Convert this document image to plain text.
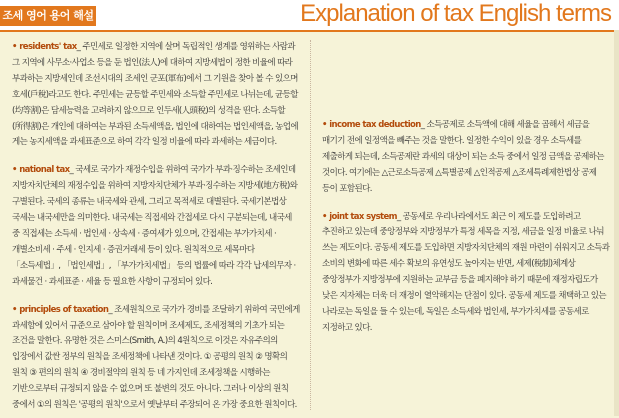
조세 영어 용어 해설	Explanation of tax English terms

• residents' tax_ 주민세로 일정한 지역에 살며 독립적인 생계를 영위하는 사람과 그 지역에 사무소·사업소 등을 둔 법인(法人)에 대하여 지방세법이 정한 비율에 따라 부과하는 지방세인데 조선시대의 조세인 군포(軍布)에서 그 기원을 찾아 볼 수 있으며 호세(戶稅)라고도 한다. 주민세는 균등할 주민세와 소득할 주민세로 나뉘는데, 균등할(均等割)은 담세능력을 고려하지 않으므로 인두세(人頭稅)의 성격을 띤다. 소득할(所得割)은 개인에 대하여는 부과된 소득세액을, 법인에 대하여는 법인세액을, 농업에 게는 농지세액을 과세표준으로 하여 각각 일정 비율에 따라 과세하는 세금이다.

• national tax_ 국세로 국가가 재정수입을 위하여 국가가 부과·징수하는 조세인데 지방자치단체의 재정수입을 위하여 지방자치단체가 부과·징수하는 지방세(地方稅)와 구별된다. 국세의 종류는 내국세와 관세, 그리고 목적세로 대별된다. 국세기본법상 국세는 내국세만을 의미한다. 내국세는 직접세와 간접세로 다시 구분되는데, 내국세 중 직접세는 소득세 · 법인세 · 상속세 · 증여세가 있으며, 간접세는 부가가치세 · 개별소비세 · 주세 · 인지세 · 증권거래세 등이 있다. 원칙적으로 세목마다 「소득세법」, 「법인세법」, 「부가가치세법」 등의 법률에 따라 각각 납세의무자 · 과세물건 · 과세표준 · 세율 등 필요한 사항이 규정되어 있다.

• principles of taxation_ 조세원칙으로 국가가 경비를 조달하기 위하여 국민에게 과세함에 있어서 규준으로 삼아야 할 원칙이며 조세제도, 조세정책의 기초가 되는 조건을 말한다. 유명한 것은 스미스(Smith, A.)의 4원칙으로 이것은 자유주의의 입장에서 값싼 정부의 원칙을 조세정책에 나타낸 것이다. ① 공평의 원칙 ② 명확의 원칙 ③ 편의의 원칙 ④ 경비절약의 원칙 등 네 가지인데 조세정책을 시행하는 기반으로부터 규정되지 않을 수 없으며 또 불변의 것도 아니다. 그러나 이상의 원칙 중에서 ①의 원칙은 '공평의 원칙'으로서 옛날부터 주장되어 온 가장 중요한 원칙이다.

• income tax deduction_ 소득공제로 소득액에 대해 세율을 곱해서 세금을 매기기 전에 일정액을 빼주는 것을 말한다. 일정한 수익이 있을 경우 소득세를 제출하게 되는데, 소득공제란 과세의 대상이 되는 소득 중에서 일정 금액을 공제하는 것이다. 여기에는 △근로소득공제 △특별공제 △인적공제 △조세특례제한법상 공제 등이 포함된다.

• joint tax system_ 공동세로 우리나라에서도 최근 이 제도를 도입하려고 추진하고 있는데 중앙정부와 지방정부가 특정 세목을 지정, 세금을 일정 비율로 나눠 쓰는 제도이다. 공동세 제도를 도입하면 지방자치단체의 재원 마련이 쉬워지고 소득과 소비의 변화에 따른 세수 확보의 유연성도 높아지는 반면, 세제(稅制)체계상 중앙정부가 지방정부에 지원하는 교부금 등을 폐지해야 하기 때문에 재정자립도가 낮은 지자체는 더욱 더 재정이 열악해지는 단점이 있다. 공동세 제도를 채택하고 있는 나라로는 독일을 들 수 있는데, 독일은 소득세와 법인세, 부가가치세를 공동세로 지정하고 있다.
